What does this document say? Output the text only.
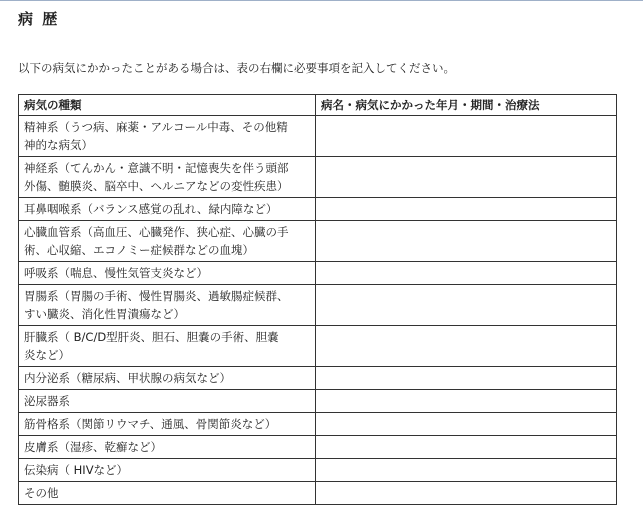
病 歴
以下の病気にかかったことがある場合は、表の右欄に必要事項を記入してください。
病気の種類	病名・病気にかかった年月・期間・治療法
精神系（うつ病、麻薬・アルコール中毒、その他精
神的な病気）	
神経系（てんかん・意識不明・記憶喪失を伴う頭部
外傷、髄膜炎、脳卒中、ヘルニアなどの変性疾患）	
耳鼻咽喉系（バランス感覚の乱れ、緑内障など）	
心臓血管系（高血圧、心臓発作、狭心症、心臓の手
術、心収縮、エコノミー症候群などの血塊）	
呼吸系（喘息、慢性気管支炎など）	
胃腸系（胃腸の手術、慢性胃腸炎、過敏腸症候群、
すい臓炎、消化性胃潰瘍など）	
肝臓系（ B/C/D型肝炎、胆石、胆嚢の手術、胆嚢
炎など）	
内分泌系（糖尿病、甲状腺の病気など）	
泌尿器系	
筋骨格系（関節リウマチ、通風、骨関節炎など）	
皮膚系（湿疹、乾癬など）	
伝染病（ HIVなど）	
その他	
